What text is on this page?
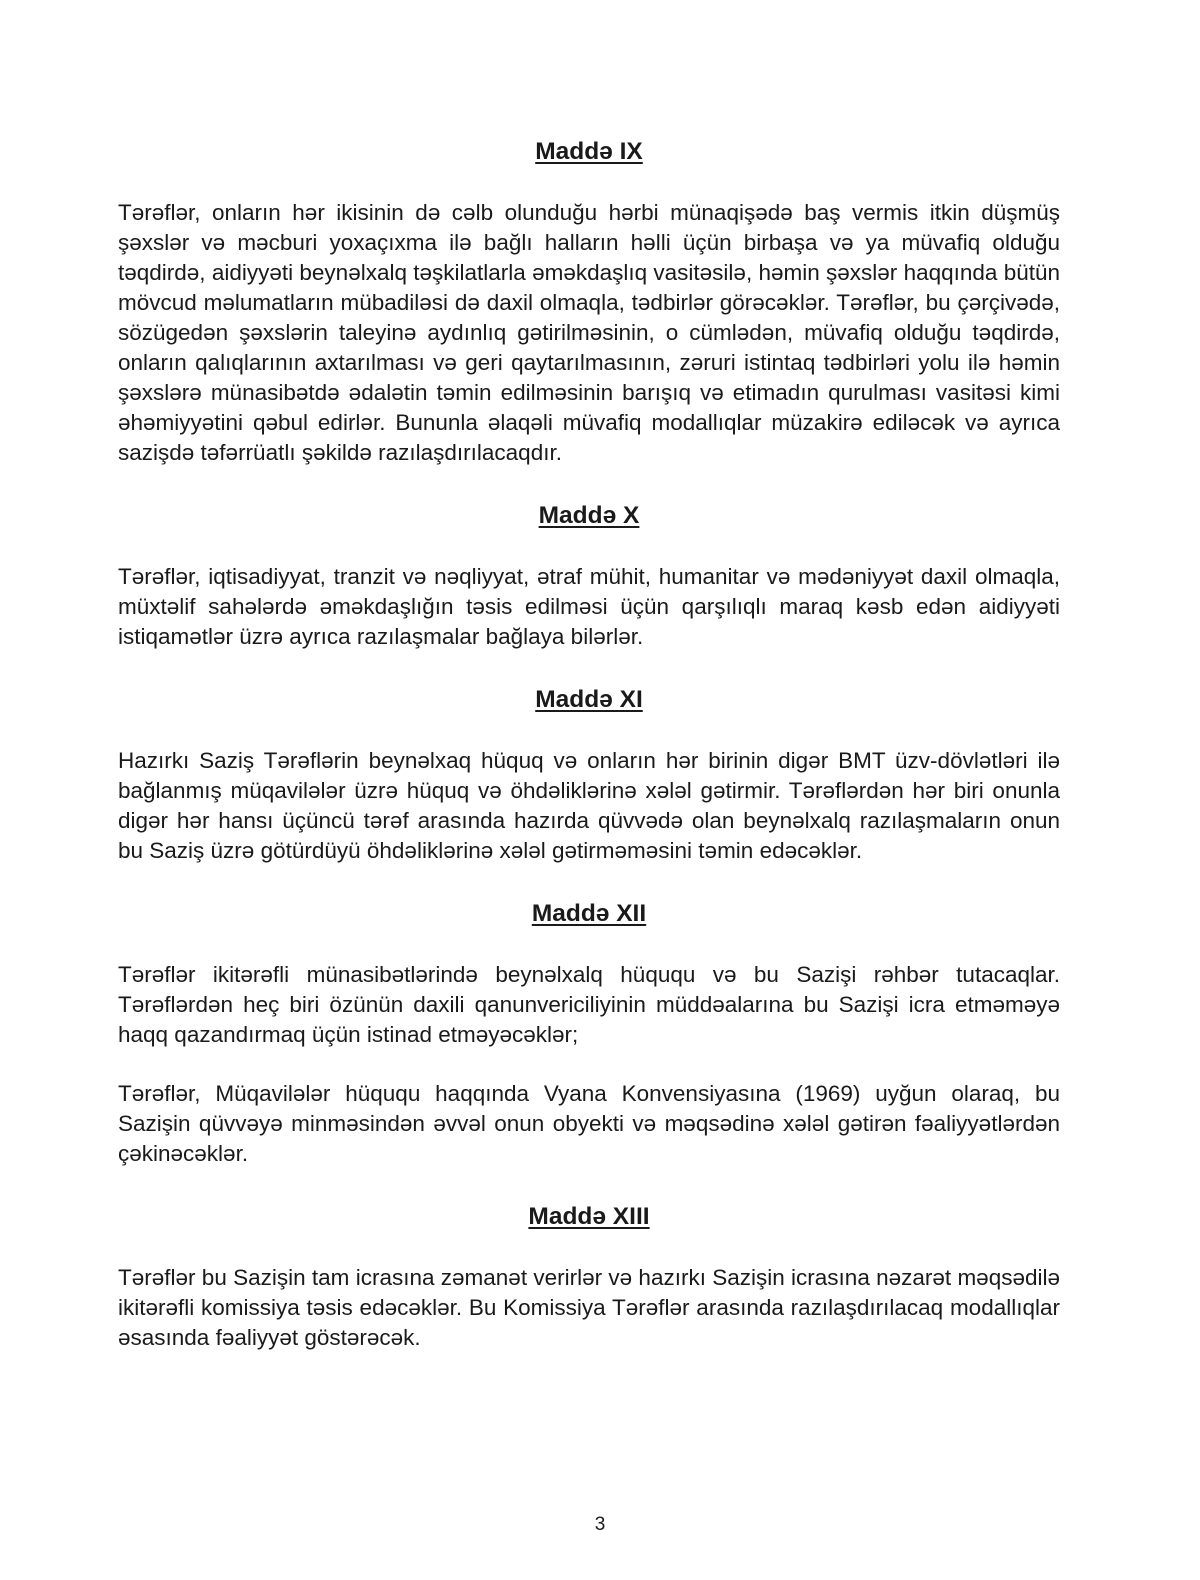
Maddə IX

Tərəflər, onların hər ikisinin də cəlb olunduğu hərbi münaqişədə baş vermis itkin düşmüş şəxslər və məcburi yoxaçıxma ilə bağlı halların həlli üçün birbaşa və ya müvafiq olduğu təqdirdə, aidiyyəti beynəlxalq təşkilatlarla əməkdaşlıq vasitəsilə, həmin şəxslər haqqında bütün mövcud məlumatların mübadiləsi də daxil olmaqla, tədbirlər görəcəklər. Tərəflər, bu çərçivədə, sözügedən şəxslərin taleyinə aydınlıq gətirilməsinin, o cümlədən, müvafiq olduğu təqdirdə, onların qalıqlarının axtarılması və geri qaytarılmasının, zəruri istintaq tədbirləri yolu ilə həmin şəxslərə münasibətdə ədalətin təmin edilməsinin barışıq və etimadın qurulması vasitəsi kimi əhəmiyyətini qəbul edirlər. Bununla əlaqəli müvafiq modallıqlar müzakirə ediləcək və ayrıca sazişdə təfərrüatlı şəkildə razılaşdırılacaqdır.

Maddə X

Tərəflər, iqtisadiyyat, tranzit və nəqliyyat, ətraf mühit, humanitar və mədəniyyət daxil olmaqla, müxtəlif sahələrdə əməkdaşlığın təsis edilməsi üçün qarşılıqlı maraq kəsb edən aidiyyəti istiqamətlər üzrə ayrıca razılaşmalar bağlaya bilərlər.

Maddə XI

Hazırkı Saziş Tərəflərin beynəlxaq hüquq və onların hər birinin digər BMT üzv-dövlətləri ilə bağlanmış müqavilələr üzrə hüquq və öhdəliklərinə xələl gətirmir. Tərəflərdən hər biri onunla digər hər hansı üçüncü tərəf arasında hazırda qüvvədə olan beynəlxalq razılaşmaların onun bu Saziş üzrə götürdüyü öhdəliklərinə xələl gətirməməsini təmin edəcəklər.

Maddə XII

Tərəflər ikitərəfli münasibətlərində beynəlxalq hüququ və bu Sazişi rəhbər tutacaqlar. Tərəflərdən heç biri özünün daxili qanunvericiliyinin müddəalarına bu Sazişi icra etməməyə haqq qazandırmaq üçün istinad etməyəcəklər;

Tərəflər, Müqavilələr hüququ haqqında Vyana Konvensiyasına (1969) uyğun olaraq, bu Sazişin qüvvəyə minməsindən əvvəl onun obyekti və məqsədinə xələl gətirən fəaliyyətlərdən çəkinəcəklər.

Maddə XIII

Tərəflər bu Sazişin tam icrasına zəmanət verirlər və hazırkı Sazişin icrasına nəzarət məqsədilə ikitərəfli komissiya təsis edəcəklər. Bu Komissiya Tərəflər arasında razılaşdırılacaq modallıqlar əsasında fəaliyyət göstərəcək.

3
